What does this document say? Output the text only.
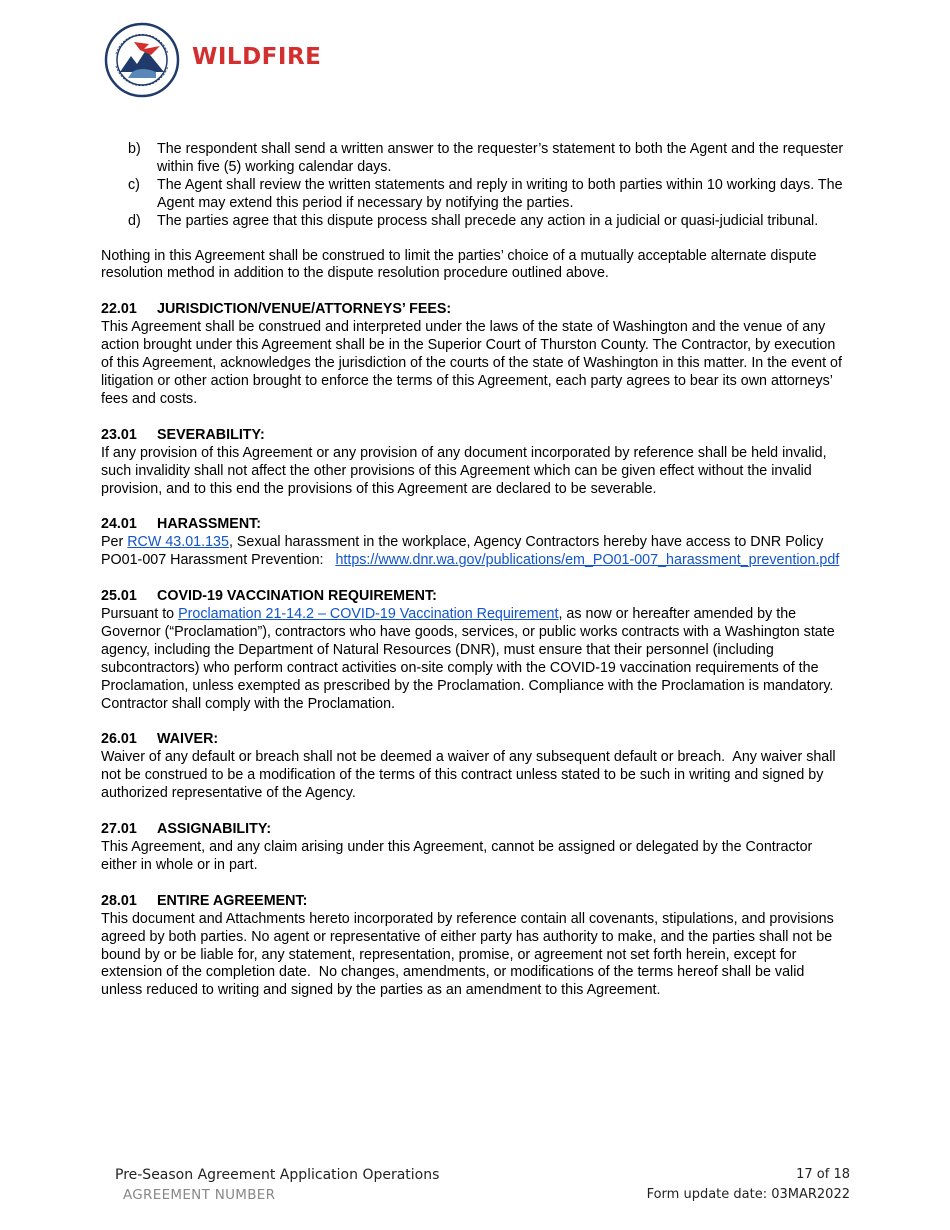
WILDFIRE
b) The respondent shall send a written answer to the requester’s statement to both the Agent and the requester within five (5) working calendar days.
c) The Agent shall review the written statements and reply in writing to both parties within 10 working days. The Agent may extend this period if necessary by notifying the parties.
d) The parties agree that this dispute process shall precede any action in a judicial or quasi-judicial tribunal.

Nothing in this Agreement shall be construed to limit the parties’ choice of a mutually acceptable alternate dispute resolution method in addition to the dispute resolution procedure outlined above.

22.01 JURISDICTION/VENUE/ATTORNEYS’ FEES:

This Agreement shall be construed and interpreted under the laws of the state of Washington and the venue of any action brought under this Agreement shall be in the Superior Court of Thurston County. The Contractor, by execution of this Agreement, acknowledges the jurisdiction of the courts of the state of Washington in this matter. In the event of litigation or other action brought to enforce the terms of this Agreement, each party agrees to bear its own attorneys’ fees and costs.

23.01 SEVERABILITY:

If any provision of this Agreement or any provision of any document incorporated by reference shall be held invalid, such invalidity shall not affect the other provisions of this Agreement which can be given effect without the invalid provision, and to this end the provisions of this Agreement are declared to be severable.

24.01 HARASSMENT:

Per RCW 43.01.135, Sexual harassment in the workplace, Agency Contractors hereby have access to DNR Policy PO01-007 Harassment Prevention:   https://www.dnr.wa.gov/publications/em_PO01-007_harassment_prevention.pdf

25.01 COVID-19 VACCINATION REQUIREMENT:

Pursuant to Proclamation 21-14.2 – COVID-19 Vaccination Requirement, as now or hereafter amended by the Governor (“Proclamation”), contractors who have goods, services, or public works contracts with a Washington state agency, including the Department of Natural Resources (DNR), must ensure that their personnel (including subcontractors) who perform contract activities on-site comply with the COVID-19 vaccination requirements of the Proclamation, unless exempted as prescribed by the Proclamation. Compliance with the Proclamation is mandatory. Contractor shall comply with the Proclamation.

26.01 WAIVER:

Waiver of any default or breach shall not be deemed a waiver of any subsequent default or breach.  Any waiver shall not be construed to be a modification of the terms of this contract unless stated to be such in writing and signed by authorized representative of the Agency.

27.01 ASSIGNABILITY:

This Agreement, and any claim arising under this Agreement, cannot be assigned or delegated by the Contractor either in whole or in part.

28.01 ENTIRE AGREEMENT:

This document and Attachments hereto incorporated by reference contain all covenants, stipulations, and provisions agreed by both parties. No agent or representative of either party has authority to make, and the parties shall not be bound by or be liable for, any statement, representation, promise, or agreement not set forth herein, except for extension of the completion date.  No changes, amendments, or modifications of the terms hereof shall be valid unless reduced to writing and signed by the parties as an amendment to this Agreement.

Pre-Season Agreement Application Operations	17 of 18
AGREEMENT NUMBER	Form update date: 03MAR2022
